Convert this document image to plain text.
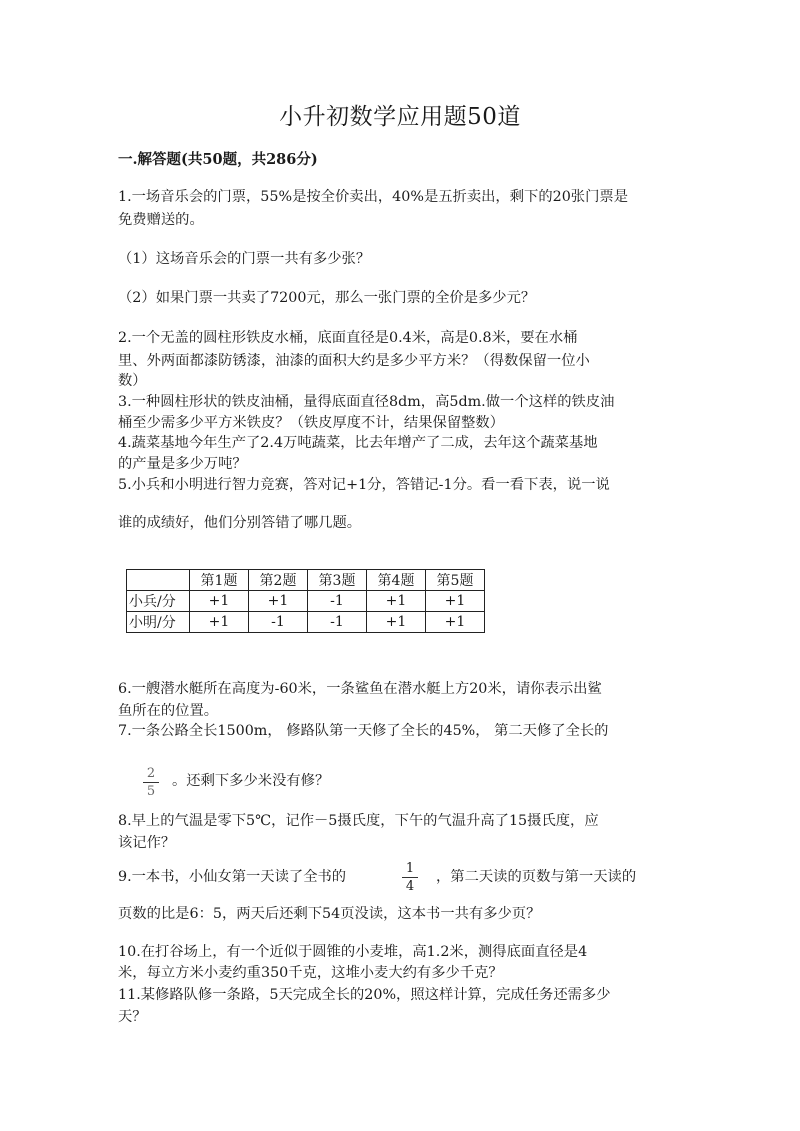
小升初数学应用题50道
一.解答题(共50题，共286分)
1.一场音乐会的门票，55%是按全价卖出，40%是五折卖出，剩下的20张门票是
免费赠送的。
（1）这场音乐会的门票一共有多少张？
（2）如果门票一共卖了7200元，那么一张门票的全价是多少元？
2.一个无盖的圆柱形铁皮水桶，底面直径是0.4米，高是0.8米，要在水桶
里、外两面都漆防锈漆，油漆的面积大约是多少平方米？（得数保留一位小
数）
3.一种圆柱形状的铁皮油桶，量得底面直径8dm，高5dm.做一个这样的铁皮油
桶至少需多少平方米铁皮？（铁皮厚度不计，结果保留整数）
4.蔬菜基地今年生产了2.4万吨蔬菜，比去年增产了二成，去年这个蔬菜基地
的产量是多少万吨？
5.小兵和小明进行智力竞赛，答对记+1分，答错记-1分。看一看下表，说一说
谁的成绩好，他们分别答错了哪几题。
	第1题	第2题	第3题	第4题	第5题
小兵/分	+1	+1	-1	+1	+1
小明/分	+1	-1	-1	+1	+1
6.一艘潜水艇所在高度为-60米，一条鲨鱼在潜水艇上方20米，请你表示出鲨
鱼所在的位置。
7.一条公路全长1500m， 修路队第一天修了全长的45%， 第二天修了全长的
2
5
。还剩下多少米没有修？
8.早上的气温是零下5℃，记作－5摄氏度，下午的气温升高了15摄氏度，应
该记作？
9.一本书，小仙女第一天读了全书的
1
4
，第二天读的页数与第一天读的
页数的比是6：5，两天后还剩下54页没读，这本书一共有多少页？
10.在打谷场上，有一个近似于圆锥的小麦堆，高1.2米，测得底面直径是4
米，每立方米小麦约重350千克，这堆小麦大约有多少千克？
11.某修路队修一条路，5天完成全长的20%，照这样计算，完成任务还需多少
天？
